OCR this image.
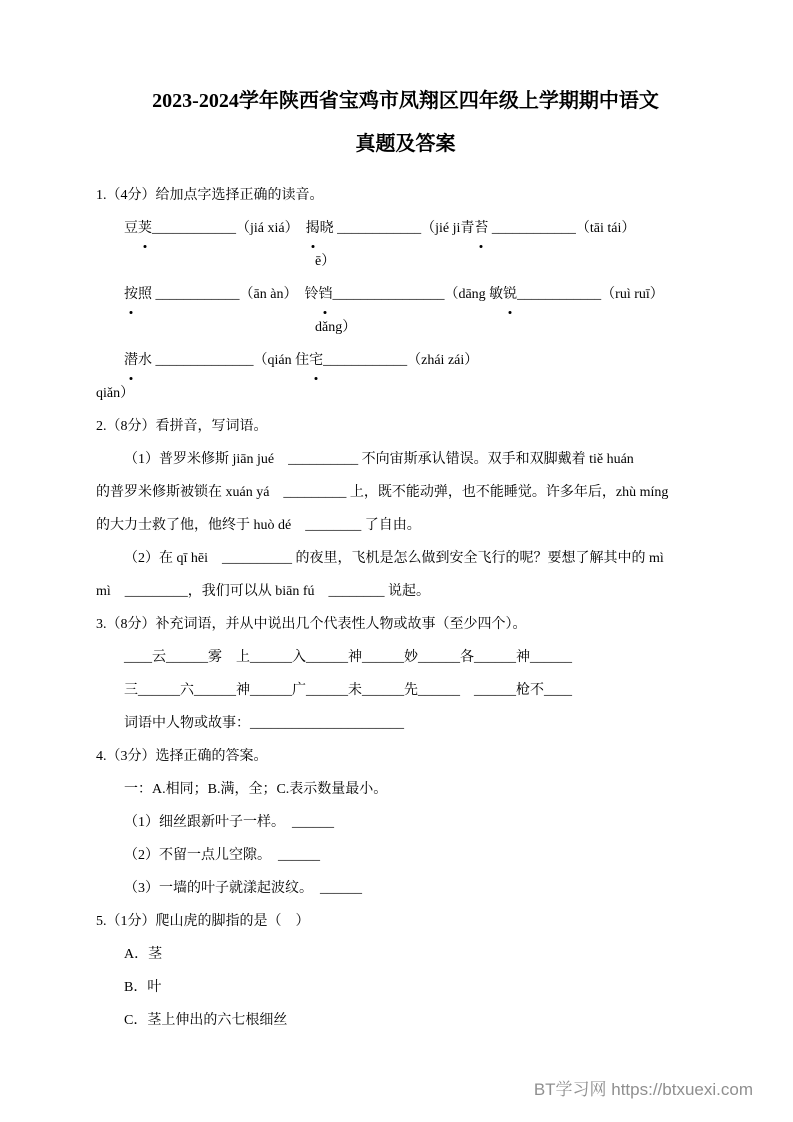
2023-2024学年陕西省宝鸡市凤翔区四年级上学期期中语文
真题及答案
1.（4分）给加点字选择正确的读音。
豆荚____________（jiá xiá）　 揭晓 ____________（jié ji青苔 ____________（tāi tái）
ē）
按照 ____________（ān àn）　 铃铛________________（dāng 敏锐____________（ruì ruī）
dǎng）
潜水 ______________（qián 住宅____________（zhái zái）
qiǎn）
2.（8分）看拼音，写词语。
（1）普罗米修斯 jiān jué　__________ 不向宙斯承认错误。双手和双脚戴着 tiě huán
的普罗米修斯被锁在 xuán yá　_________ 上，既不能动弹，也不能睡觉。许多年后，zhù míng
的大力士救了他，他终于 huò dé　________ 了自由。
（2）在 qī hēi　__________ 的夜里，飞机是怎么做到安全飞行的呢？要想了解其中的 mì
mì　_________，我们可以从 biān fú　________ 说起。
3.（8分）补充词语，并从中说出几个代表性人物或故事（至少四个）。
____云______雾　上______入______神______妙______各______神______
三______六______神______广______未______先______　______枪不____
词语中人物或故事：______________________
4.（3分）选择正确的答案。
一：A.相同；B.满，全；C.表示数量最小。
（1）细丝跟新叶子一样。　______
（2）不留一点儿空隙。　______
（3）一墙的叶子就漾起波纹。　______
5.（1分）爬山虎的脚指的是（　）
A．茎
B．叶
C．茎上伸出的六七根细丝
BT学习网 https://btxuexi.com
